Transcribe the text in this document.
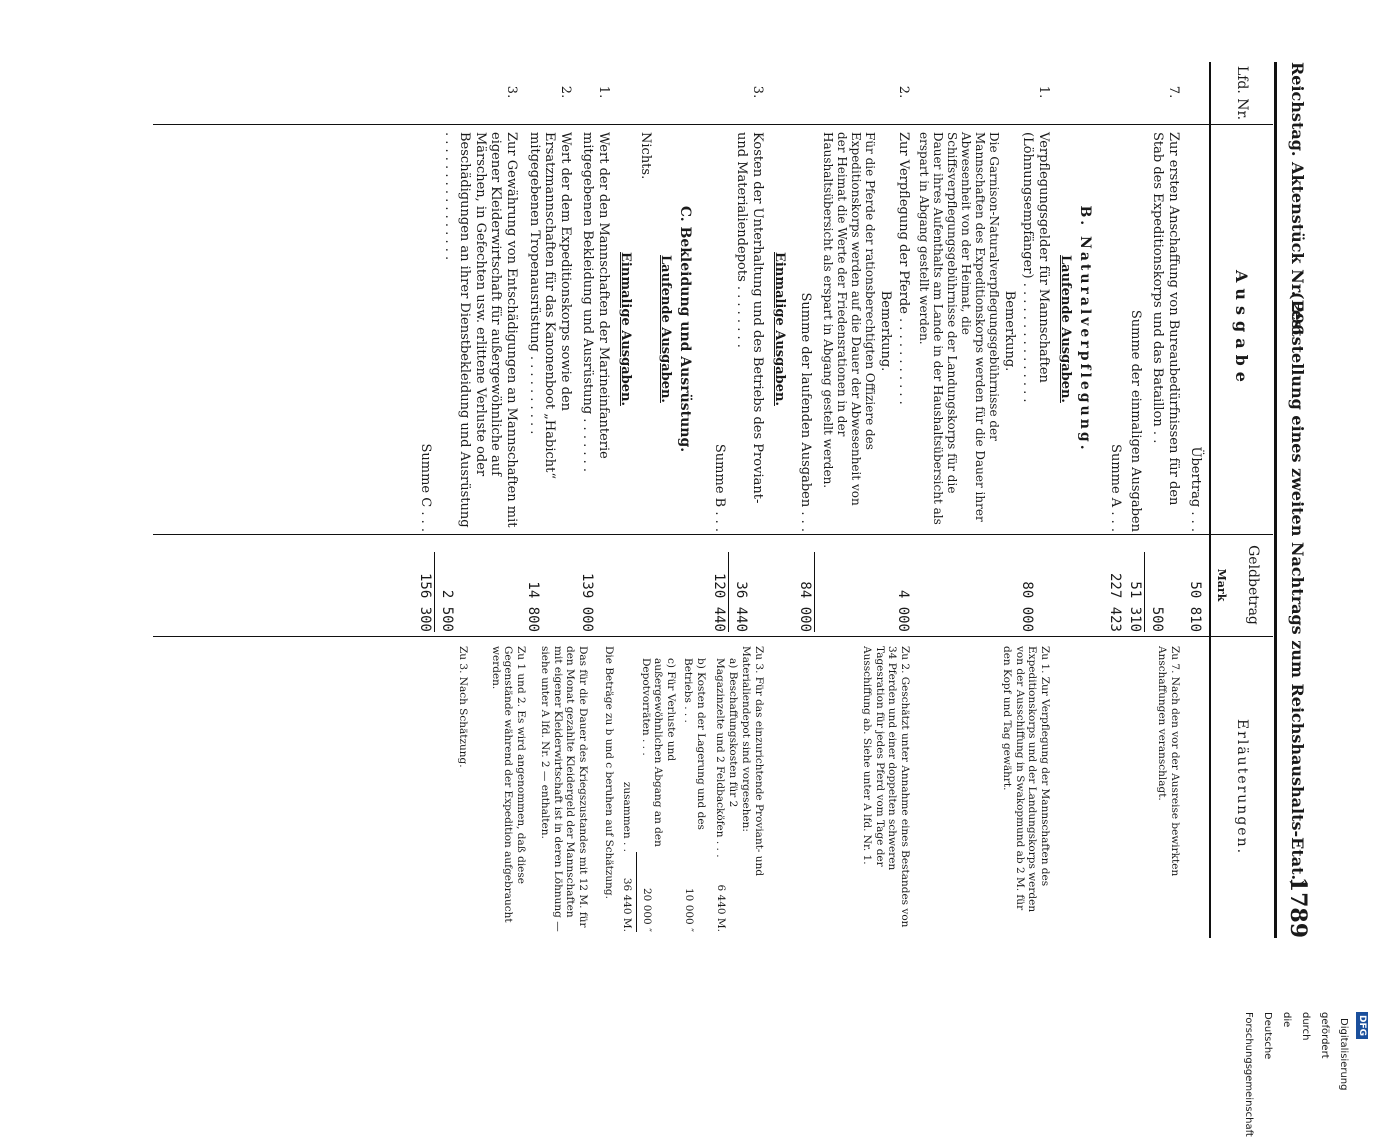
Reichstag. Aktenstück Nr. 296
(Feststellung eines zweiten Nachtrags zum Reichshaushalts-Etat.)
1789
Lfd. Nr.
Ausgabe
Geldbetrag
Mark
Erläuterungen.
Übertrag . . .
50 810
7.
Zur ersten Anschaffung von Bureaubedürfnissen für den Stab des Expeditionskorps und das Bataillon . .
500
Zu 7. Nach den vor der Ausreise bewirkten Anschaffungen veranschlagt.
Summe der einmaligen Ausgaben
51 310
Summe A . . .
227 423
B. Naturalverpflegung.
Laufende Ausgaben.
1.
Verpflegungsgelder für Mannschaften (Löhnungsempfänger) . . . . . . . . . . . . . . .
80 000
Bemerkung.
Die Garnison-Naturalverpflegungsgebührnisse der Mannschaften des Expeditionskorps werden für die Dauer ihrer Abwesenheit von der Heimat, die Schiffsverpflegungsgebührnisse der Landungskorps für die Dauer ihres Aufenthalts am Lande in der Haushaltsübersicht als erspart in Abgang gestellt werden.
Zu 1. Zur Verpflegung der Mannschaften des Expeditionskorps und der Landungskorps werden von der Ausschiffung in Swakopmund ab 2 M. für den Kopf und Tag gewährt.
2.
Zur Verpflegung der Pferde . . . . . . . . . . .
4 000
Bemerkung.
Für die Pferde der rationsberechtigten Offiziere des Expeditionskorps werden auf die Dauer der Abwesenheit von der Heimat die Werte der Friedensrationen in der Haushaltsübersicht als erspart in Abgang gestellt werden.
Zu 2. Geschätzt unter Annahme eines Bestandes von 34 Pferden und einer doppelten schweren Tagesration für jedes Pferd vom Tage der Ausschiffung ab. Siehe unter A lfd. Nr. 1.
Summe der laufenden Ausgaben . . .
84 000
Einmalige Ausgaben.
3.
Kosten der Unterhaltung und des Betriebs des Proviant- und Materialiendepots . . . . . . . .
36 440
Summe B . . .
120 440
Zu 3. Für das einzurichtende Proviant- und Materialiendepot sind vorgesehen:
a) Beschaffungskosten für 2 Magazinzelte und 2 Feldbacköfen . . .
6 440 M.
b) Kosten der Lagerung und des Betriebs . . .
10 000 ″
c) Für Verluste und außergewöhnlichen Abgang an den Depotvorräten . . .
20 000 ″
zusammen . .
36 440 M.
Die Beträge zu b und c beruhen auf Schätzung.
C. Bekleidung und Ausrüstung.
Laufende Ausgaben.
Nichts.
Einmalige Ausgaben.
1.
Wert der den Mannschaften der Marineinfanterie mitgegebenen Bekleidung und Ausrüstung . . . . . . .
139 000
Das für die Dauer des Kriegszustandes mit 12 M. für den Monat gezahlte Kleidergeld der Mannschaften mit eigener Kleiderwirtschaft ist in deren Löhnung — siehe unter A lfd. Nr. 2 — enthalten.
Zu 1 und 2. Es wird angenommen, daß diese Gegenstände während der Expedition aufgebraucht werden.
2.
Wert der dem Expeditionskorps sowie den Ersatzmannschaften für das Kanonenboot „Habicht“ mitgegebenen Tropenausrüstung . . . . . . . . . .
14 800
3.
Zur Gewährung von Entschädigungen an Mannschaften mit eigener Kleiderwirtschaft für außergewöhnliche auf Märschen, in Gefechten usw. erlittene Verluste oder Beschädigungen an ihrer Dienstbekleidung und Ausrüstung . . . . . . . . . . . . . . . .
2 500
Zu 3. Nach Schätzung.
Summe C . . .
156 300
DFG Digitalisierung gefördert durch die Deutsche Forschungsgemeinschaft
